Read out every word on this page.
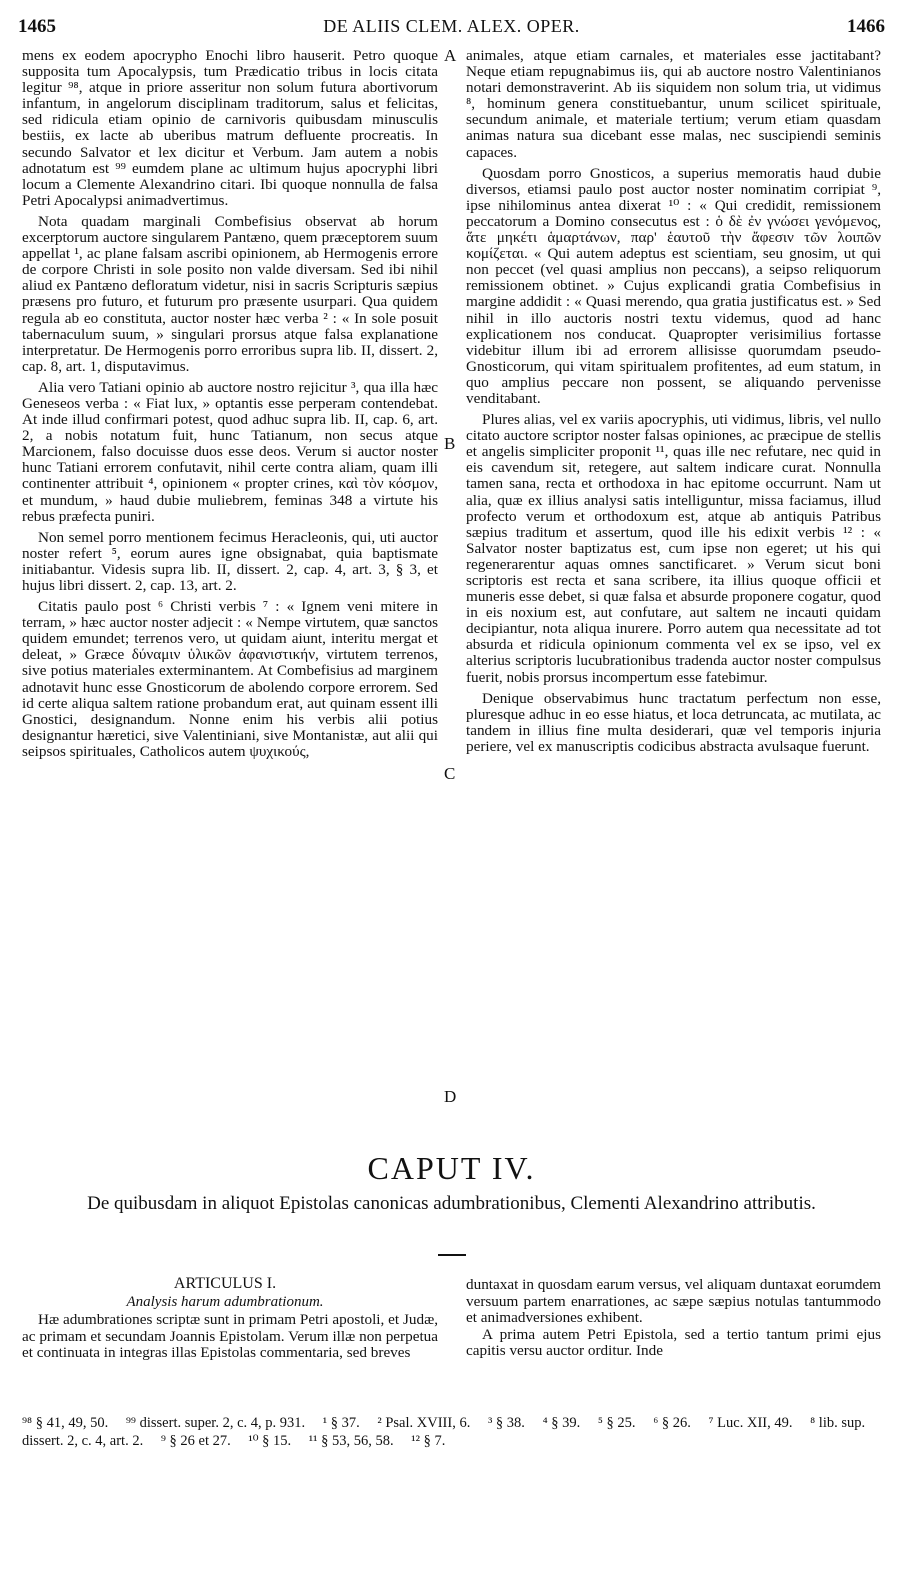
1465	DE ALIIS CLEM. ALEX. OPER.	1466
A
B
C
D

mens ex eodem apocrypho Enochi libro hauserit. Petro quoque supposita tum Apocalypsis, tum Prædicatio tribus in locis citata legitur ⁹⁸, atque in priore asseritur non solum futura abortivorum infantum, in angelorum disciplinam traditorum, salus et felicitas, sed ridicula etiam opinio de carnivoris quibusdam minusculis bestiis, ex lacte ab uberibus matrum defluente procreatis. In secundo Salvator et lex dicitur et Verbum. Jam autem a nobis adnotatum est ⁹⁹ eumdem plane ac ultimum hujus apocryphi libri locum a Clemente Alexandrino citari. Ibi quoque nonnulla de falsa Petri Apocalypsi animadvertimus.

Nota quadam marginali Combefisius observat ab horum excerptorum auctore singularem Pantæno, quem præceptorem suum appellat ¹, ac plane falsam ascribi opinionem, ab Hermogenis errore de corpore Christi in sole posito non valde diversam. Sed ibi nihil aliud ex Pantæno defloratum videtur, nisi in sacris Scripturis sæpius præsens pro futuro, et futurum pro præsente usurpari. Qua quidem regula ab eo constituta, auctor noster hæc verba ² : « In sole posuit tabernaculum suum, » singulari prorsus atque falsa explanatione interpretatur. De Hermogenis porro erroribus supra lib. II, dissert. 2, cap. 8, art. 1, disputavimus.

Alia vero Tatiani opinio ab auctore nostro rejicitur ³, qua illa hæc Geneseos verba : « Fiat lux, » optantis esse perperam contendebat. At inde illud confirmari potest, quod adhuc supra lib. II, cap. 6, art. 2, a nobis notatum fuit, hunc Tatianum, non secus atque Marcionem, falso docuisse duos esse deos. Verum si auctor noster hunc Tatiani errorem confutavit, nihil certe contra aliam, quam illi continenter attribuit ⁴, opinionem « propter crines, καὶ τὸν κόσμον, et mundum, » haud dubie muliebrem, feminas 348 a virtute his rebus præfecta puniri.

Non semel porro mentionem fecimus Heracleonis, qui, uti auctor noster refert ⁵, eorum aures igne obsignabat, quia baptismate initiabantur. Videsis supra lib. II, dissert. 2, cap. 4, art. 3, § 3, et hujus libri dissert. 2, cap. 13, art. 2.

Citatis paulo post ⁶ Christi verbis ⁷ : « Ignem veni mitere in terram, » hæc auctor noster adjecit : « Nempe virtutem, quæ sanctos quidem emundet; terrenos vero, ut quidam aiunt, interitu mergat et deleat, » Græce δύναμιν ὑλικῶν ἀφανιστικήν, virtutem terrenos, sive potius materiales exterminantem. At Combefisius ad marginem adnotavit hunc esse Gnosticorum de abolendo corpore errorem. Sed id certe aliqua saltem ratione probandum erat, aut quinam essent illi Gnostici, designandum. Nonne enim his verbis alii potius designantur hæretici, sive Valentiniani, sive Montanistæ, aut alii qui seipsos spirituales, Catholicos autem ψυχικούς,

animales, atque etiam carnales, et materiales esse jactitabant? Neque etiam repugnabimus iis, qui ab auctore nostro Valentinianos notari demonstraverint. Ab iis siquidem non solum tria, ut vidimus ⁸, hominum genera constituebantur, unum scilicet spirituale, secundum animale, et materiale tertium; verum etiam quasdam animas natura sua dicebant esse malas, nec suscipiendi seminis capaces.

Quosdam porro Gnosticos, a superius memoratis haud dubie diversos, etiamsi paulo post auctor noster nominatim corripiat ⁹, ipse nihilominus antea dixerat ¹⁰ : « Qui credidit, remissionem peccatorum a Domino consecutus est : ὁ δὲ ἐν γνώσει γενόμενος, ἅτε μηκέτι ἁμαρτάνων, παρ' ἑαυτοῦ τὴν ἄφεσιν τῶν λοιπῶν κομίζεται. « Qui autem adeptus est scientiam, seu gnosim, ut qui non peccet (vel quasi amplius non peccans), a seipso reliquorum remissionem obtinet. » Cujus explicandi gratia Combefisius in margine addidit : « Quasi merendo, qua gratia justificatus est. » Sed nihil in illo auctoris nostri textu videmus, quod ad hanc explicationem nos conducat. Quapropter verisimilius fortasse videbitur illum ibi ad errorem allisisse quorumdam pseudo-Gnosticorum, qui vitam spiritualem profitentes, ad eum statum, in quo amplius peccare non possent, se aliquando pervenisse venditabant.

Plures alias, vel ex variis apocryphis, uti vidimus, libris, vel nullo citato auctore scriptor noster falsas opiniones, ac præcipue de stellis et angelis simpliciter proponit ¹¹, quas ille nec refutare, nec quid in eis cavendum sit, retegere, aut saltem indicare curat. Nonnulla tamen sana, recta et orthodoxa in hac epitome occurrunt. Nam ut alia, quæ ex illius analysi satis intelliguntur, missa faciamus, illud profecto verum et orthodoxum est, atque ab antiquis Patribus sæpius traditum et assertum, quod ille his edixit verbis ¹² : « Salvator noster baptizatus est, cum ipse non egeret; ut his qui regenerarentur aquas omnes sanctificaret. » Verum sicut boni scriptoris est recta et sana scribere, ita illius quoque officii et muneris esse debet, si quæ falsa et absurde proponere cogatur, quod in eis noxium est, aut confutare, aut saltem ne incauti quidam decipiantur, nota aliqua inurere. Porro autem qua necessitate ad tot absurda et ridicula opinionum commenta vel ex se ipso, vel ex alterius scriptoris lucubrationibus tradenda auctor noster compulsus fuerit, nobis prorsus incompertum esse fatebimur.

Denique observabimus hunc tractatum perfectum non esse, pluresque adhuc in eo esse hiatus, et loca detruncata, ac mutilata, ac tandem in illius fine multa desiderari, quæ vel temporis injuria periere, vel ex manuscriptis codicibus abstracta avulsaque fuerunt.

CAPUT IV.
De quibusdam in aliquot Epistolas canonicas adumbrationibus, Clementi Alexandrino attributis.
ARTICULUS I.
Analysis harum adumbrationum.

Hæ adumbrationes scriptæ sunt in primam Petri apostoli, et Judæ, ac primam et secundam Joannis Epistolam. Verum illæ non perpetua et continuata in integras illas Epistolas commentaria, sed breves

duntaxat in quosdam earum versus, vel aliquam duntaxat eorumdem versuum partem enarrationes, ac sæpe sæpius notulas tantummodo et animadversiones exhibent.

A prima autem Petri Epistola, sed a tertio tantum primi ejus capitis versu auctor orditur. Inde

⁹⁸ § 41, 49, 50. ⁹⁹ dissert. super. 2, c. 4, p. 931. ¹ § 37. ² Psal. XVIII, 6. ³ § 38. ⁴ § 39. ⁵ § 25. ⁶ § 26. ⁷ Luc. XII, 49. ⁸ lib. sup. dissert. 2, c. 4, art. 2. ⁹ § 26 et 27. ¹⁰ § 15. ¹¹ § 53, 56, 58. ¹² § 7.
